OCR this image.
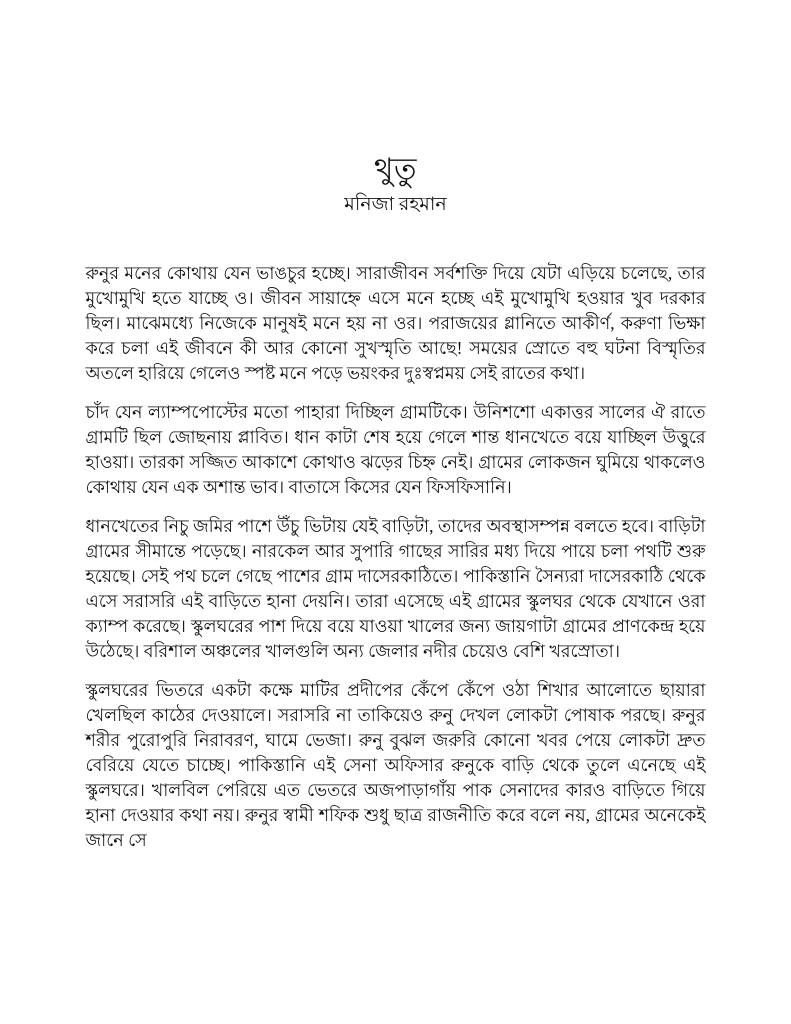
থুতু
মনিজা রহমান

রুনুর মনের কোথায় যেন ভাঙচুর হচ্ছে। সারাজীবন সর্বশক্তি দিয়ে যেটা এড়িয়ে চলেছে, তার মুখোমুখি হতে যাচ্ছে ও। জীবন সায়াহ্নে এসে মনে হচ্ছে এই মুখোমুখি হওয়ার খুব দরকার ছিল। মাঝেমধ্যে নিজেকে মানুষই মনে হয় না ওর। পরাজয়ের গ্লানিতে আকীর্ণ, করুণা ভিক্ষা করে চলা এই জীবনে কী আর কোনো সুখস্মৃতি আছে! সময়ের স্রোতে বহু ঘটনা বিস্মৃতির অতলে হারিয়ে গেলেও স্পষ্ট মনে পড়ে ভয়ংকর দুঃস্বপ্নময় সেই রাতের কথা।

চাঁদ যেন ল্যাম্পপোস্টের মতো পাহারা দিচ্ছিল গ্রামটিকে। উনিশশো একাত্তর সালের ঐ রাতে গ্রামটি ছিল জোছনায় প্লাবিত। ধান কাটা শেষ হয়ে গেলে শান্ত ধানখেতে বয়ে যাচ্ছিল উত্তুরে হাওয়া। তারকা সজ্জিত আকাশে কোথাও ঝড়ের চিহ্ন নেই। গ্রামের লোকজন ঘুমিয়ে থাকলেও কোথায় যেন এক অশান্ত ভাব। বাতাসে কিসের যেন ফিসফিসানি।

ধানখেতের নিচু জমির পাশে উঁচু ভিটায় যেই বাড়িটা, তাদের অবস্থাসম্পন্ন বলতে হবে। বাড়িটা গ্রামের সীমান্তে পড়েছে। নারকেল আর সুপারি গাছের সারির মধ্য দিয়ে পায়ে চলা পথটি শুরু হয়েছে। সেই পথ চলে গেছে পাশের গ্রাম দাসেরকাঠিতে। পাকিস্তানি সৈন্যরা দাসেরকাঠি থেকে এসে সরাসরি এই বাড়িতে হানা দেয়নি। তারা এসেছে এই গ্রামের স্কুলঘর থেকে যেখানে ওরা ক্যাম্প করেছে। স্কুলঘরের পাশ দিয়ে বয়ে যাওয়া খালের জন্য জায়গাটা গ্রামের প্রাণকেন্দ্র হয়ে উঠেছে। বরিশাল অঞ্চলের খালগুলি অন্য জেলার নদীর চেয়েও বেশি খরস্রোতা।

স্কুলঘরের ভিতরে একটা কক্ষে মাটির প্রদীপের কেঁপে কেঁপে ওঠা শিখার আলোতে ছায়ারা খেলছিল কাঠের দেওয়ালে। সরাসরি না তাকিয়েও রুনু দেখল লোকটা পোষাক পরছে। রুনুর শরীর পুরোপুরি নিরাবরণ, ঘামে ভেজা। রুনু বুঝল জরুরি কোনো খবর পেয়ে লোকটা দ্রুত বেরিয়ে যেতে চাচ্ছে। পাকিস্তানি এই সেনা অফিসার রুনুকে বাড়ি থেকে তুলে এনেছে এই স্কুলঘরে। খালবিল পেরিয়ে এত ভেতরে অজপাড়াগাঁয় পাক সেনাদের কারও বাড়িতে গিয়ে হানা দেওয়ার কথা নয়। রুনুর স্বামী শফিক শুধু ছাত্র রাজনীতি করে বলে নয়, গ্রামের অনেকেই জানে সে
